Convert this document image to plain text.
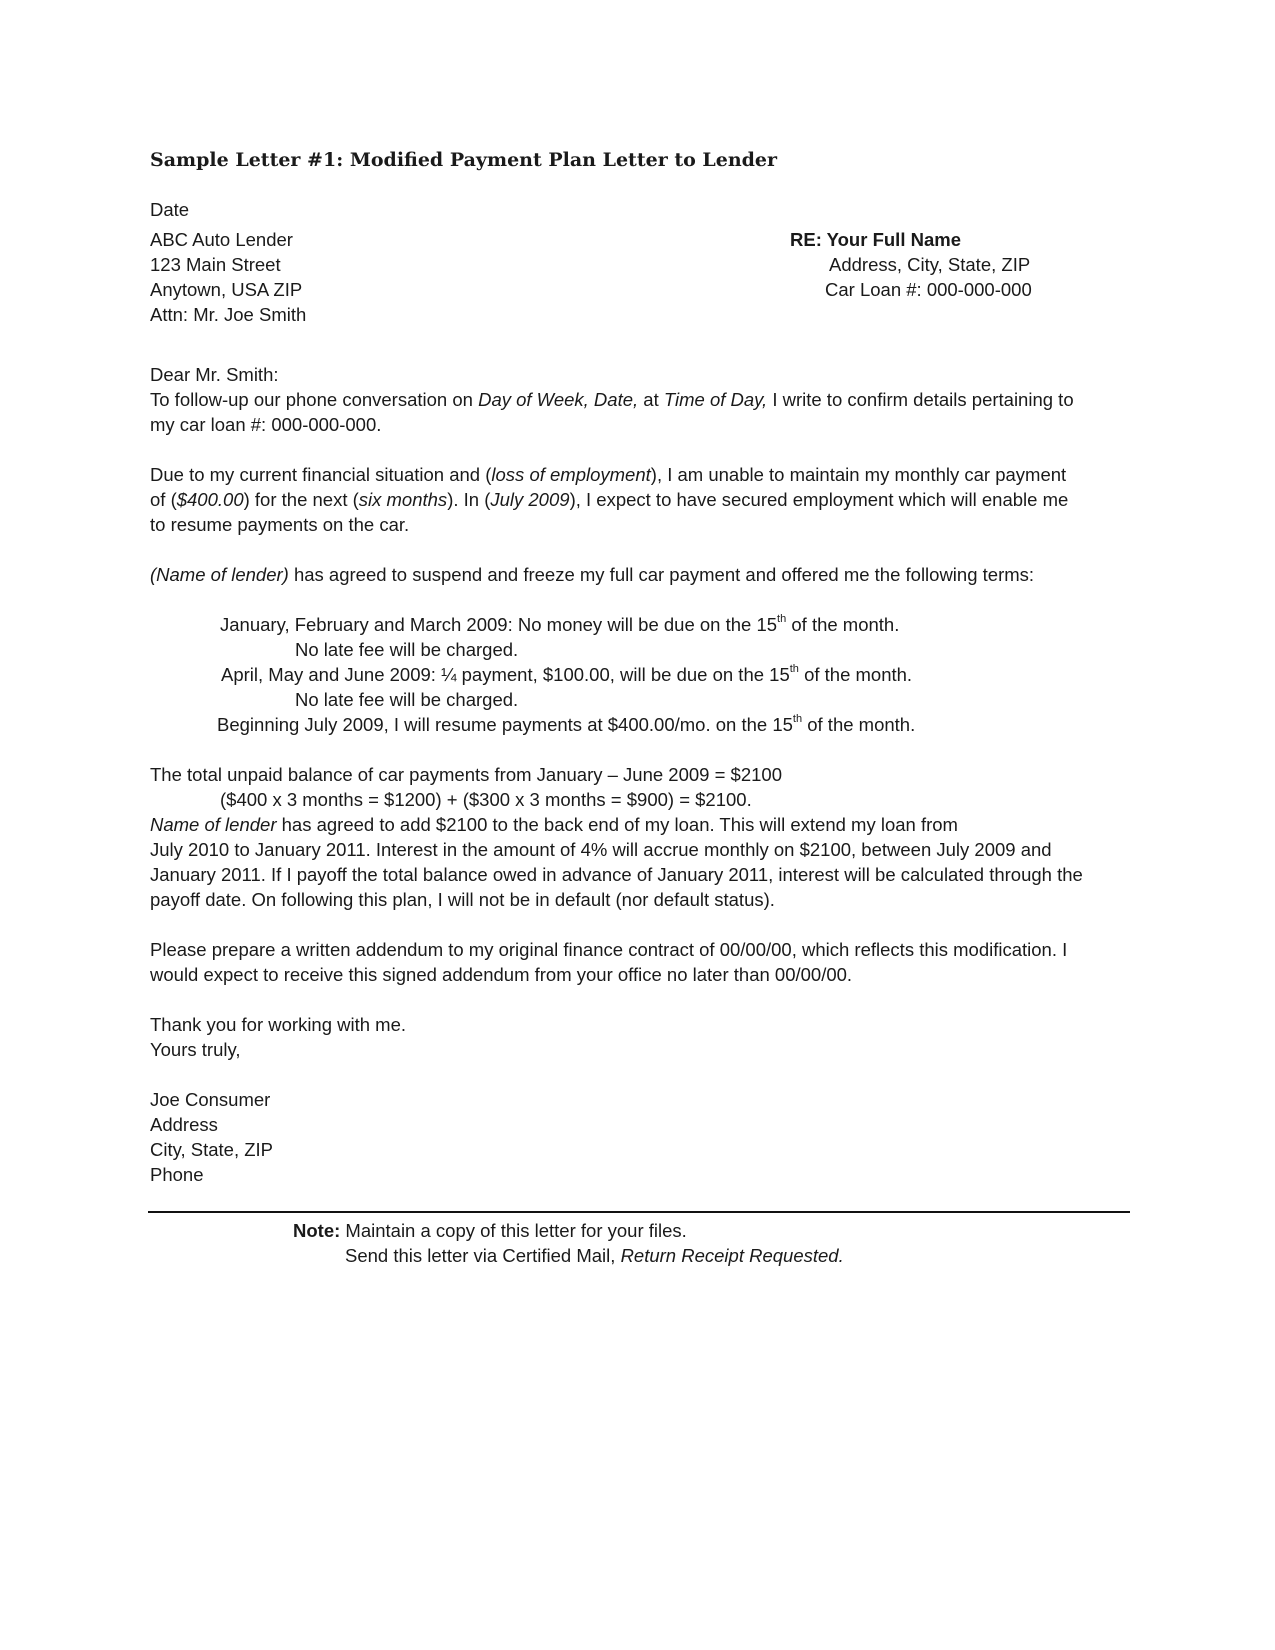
Sample Letter #1: Modified Payment Plan Letter to Lender
Date
ABC Auto Lender
123 Main Street
Anytown, USA ZIP
Attn: Mr. Joe Smith
RE: Your Full Name
Address, City, State, ZIP
Car Loan #: 000-000-000
Dear Mr. Smith:
To follow-up our phone conversation on Day of Week, Date, at Time of Day, I write to confirm details pertaining to
my car loan #: 000-000-000.
Due to my current financial situation and (loss of employment), I am unable to maintain my monthly car payment
of ($400.00) for the next (six months). In (July 2009), I expect to have secured employment which will enable me
to resume payments on the car.
(Name of lender) has agreed to suspend and freeze my full car payment and offered me the following terms:
January, February and March 2009: No money will be due on the 15th of the month.
No late fee will be charged.
April, May and June 2009: ¼ payment, $100.00, will be due on the 15th of the month.
No late fee will be charged.
Beginning July 2009, I will resume payments at $400.00/mo. on the 15th of the month.
The total unpaid balance of car payments from January – June 2009 = $2100
($400 x 3 months = $1200) + ($300 x 3 months = $900) = $2100.
Name of lender has agreed to add $2100 to the back end of my loan. This will extend my loan from
July 2010 to January 2011. Interest in the amount of 4% will accrue monthly on $2100, between July 2009 and
January 2011. If I payoff the total balance owed in advance of January 2011, interest will be calculated through the
payoff date. On following this plan, I will not be in default (nor default status).
Please prepare a written addendum to my original finance contract of 00/00/00, which reflects this modification. I
would expect to receive this signed addendum from your office no later than 00/00/00.
Thank you for working with me.
Yours truly,
Joe Consumer
Address
City, State, ZIP
Phone
Note: Maintain a copy of this letter for your files.
Send this letter via Certified Mail, Return Receipt Requested.
